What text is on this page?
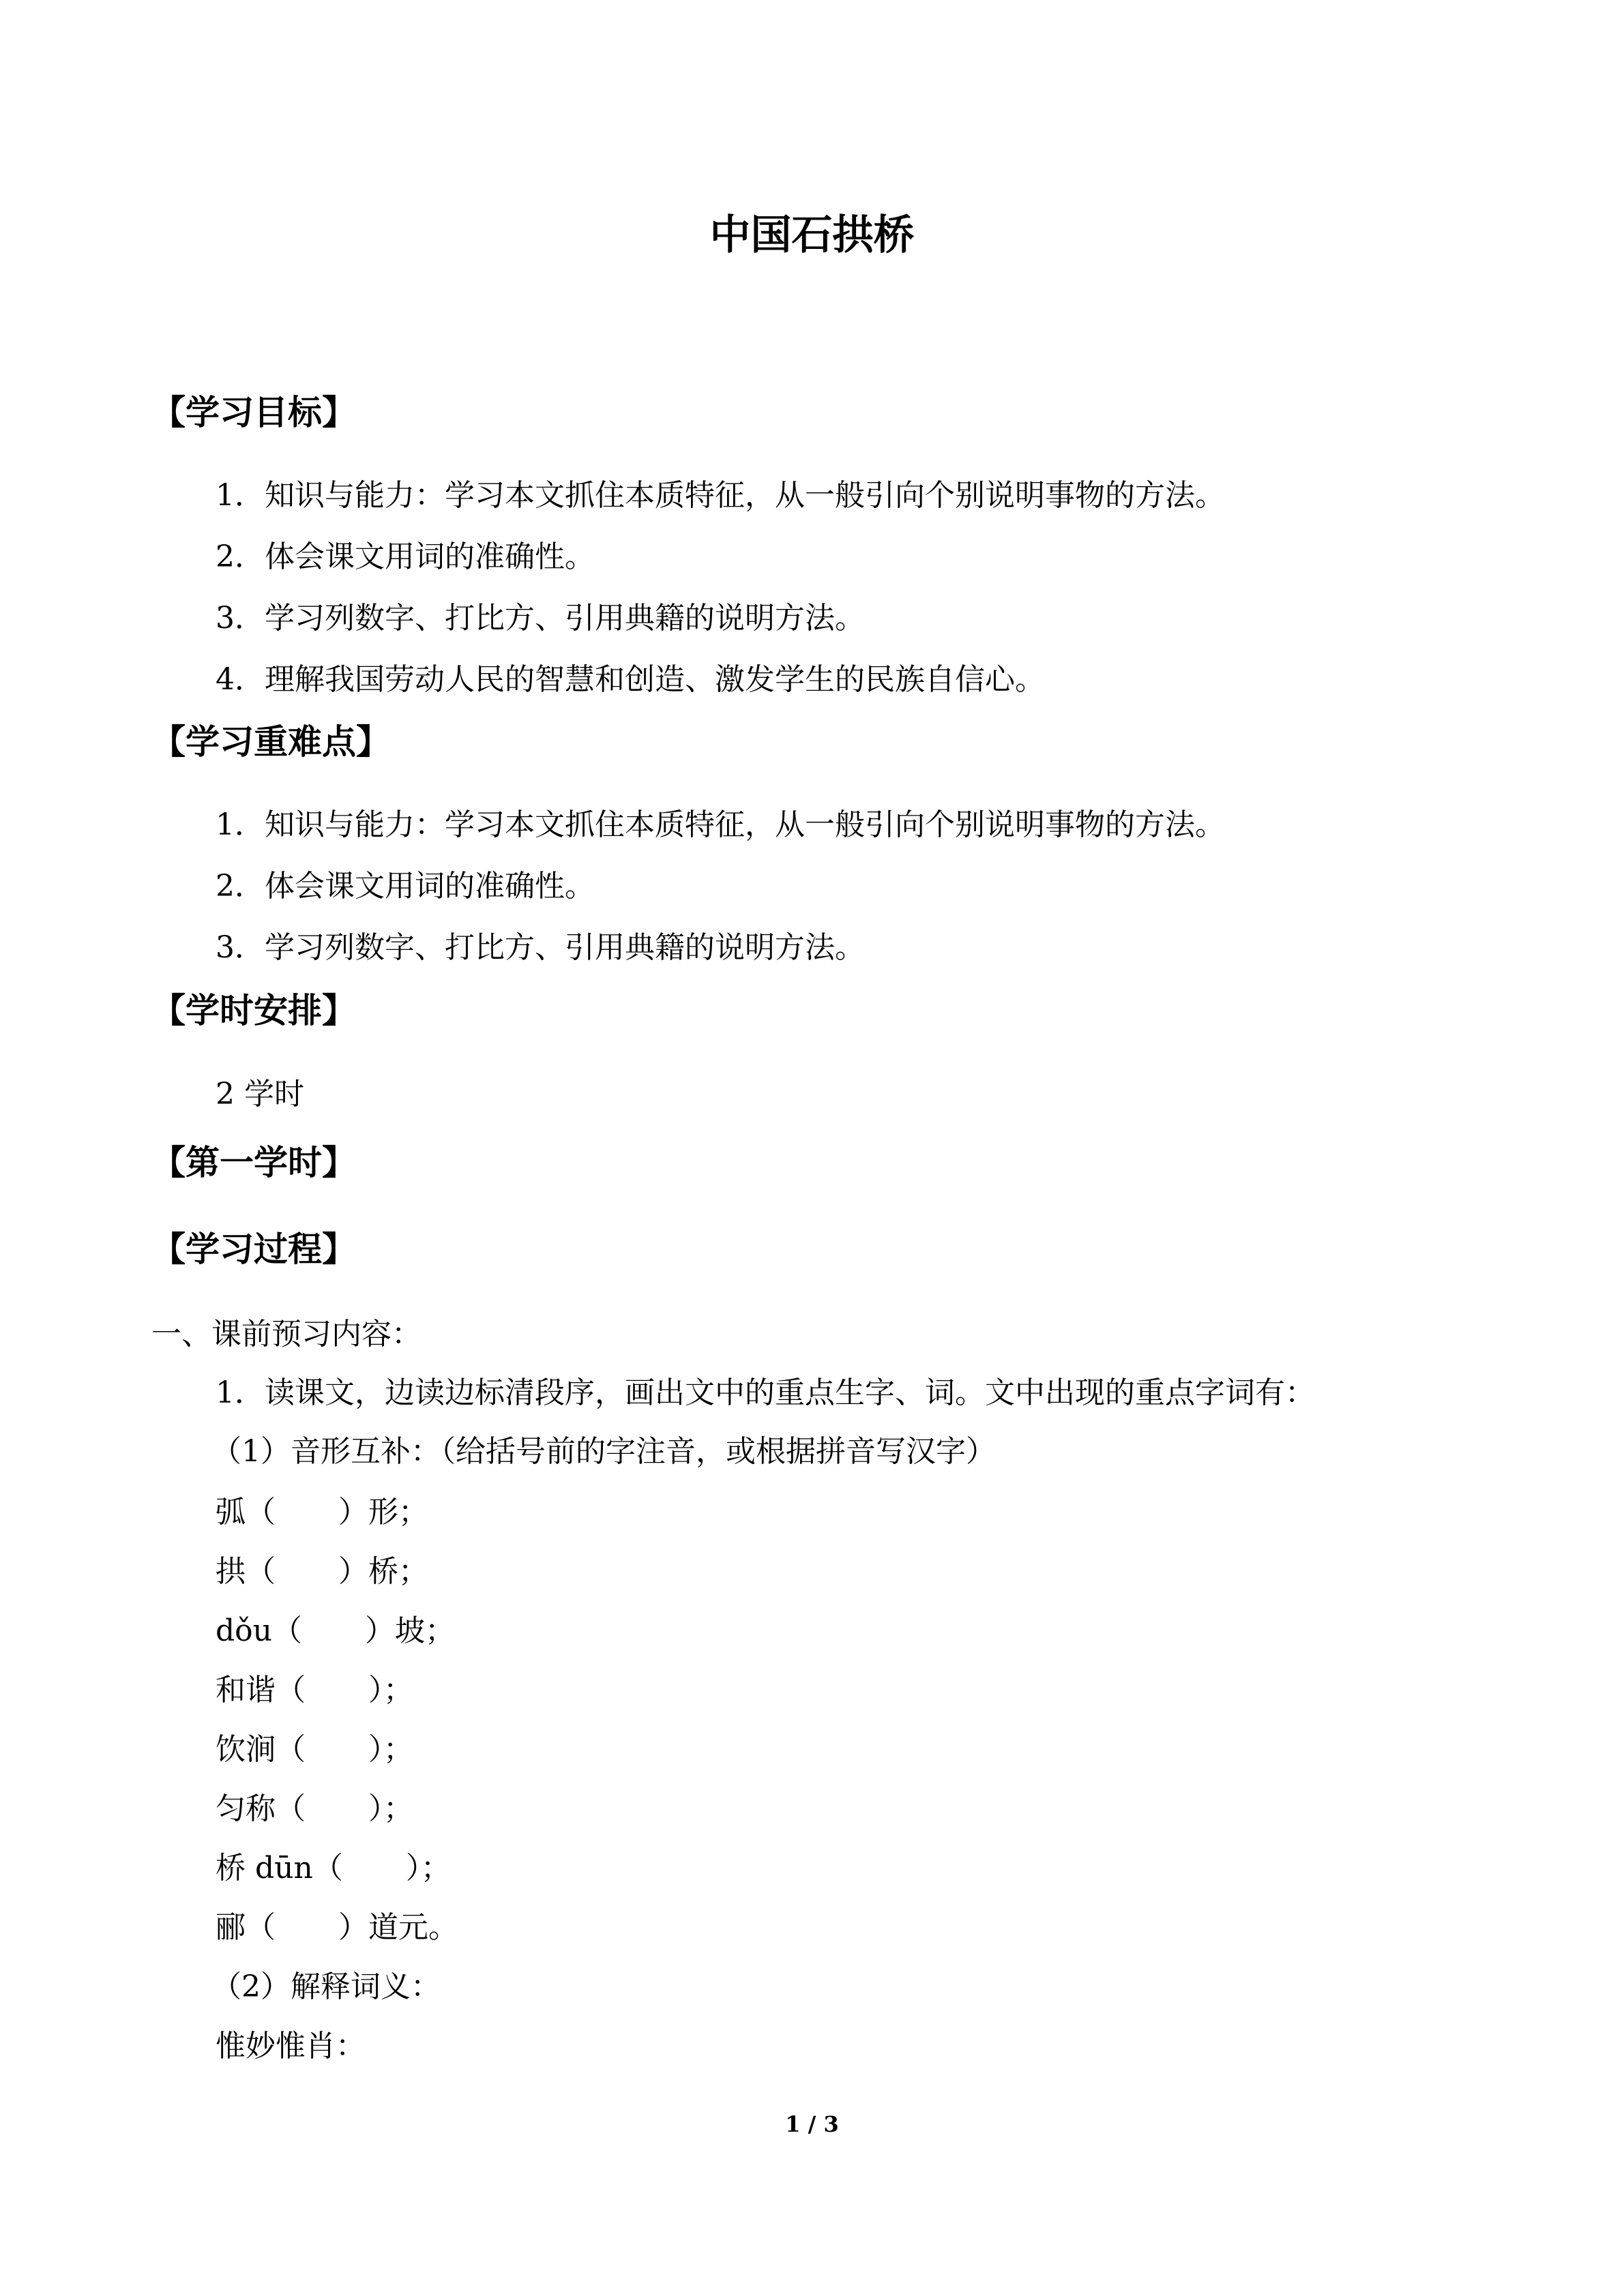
中国石拱桥
【学习目标】
1．知识与能力：学习本文抓住本质特征，从一般引向个别说明事物的方法。
2．体会课文用词的准确性。
3．学习列数字、打比方、引用典籍的说明方法。
4．理解我国劳动人民的智慧和创造、激发学生的民族自信心。
【学习重难点】
1．知识与能力：学习本文抓住本质特征，从一般引向个别说明事物的方法。
2．体会课文用词的准确性。
3．学习列数字、打比方、引用典籍的说明方法。
【学时安排】
2 学时
【第一学时】
【学习过程】
一、课前预习内容：
1．读课文，边读边标清段序，画出文中的重点生字、词。文中出现的重点字词有：
（1）音形互补：（给括号前的字注音，或根据拼音写汉字）
弧（ ）形；
拱（ ）桥；
dǒu（ ）坡；
和谐（ ）；
饮涧（ ）；
匀称（ ）；
桥 dūn（ ）；
郦（ ）道元。
（2）解释词义：
惟妙惟肖：
1 / 3
